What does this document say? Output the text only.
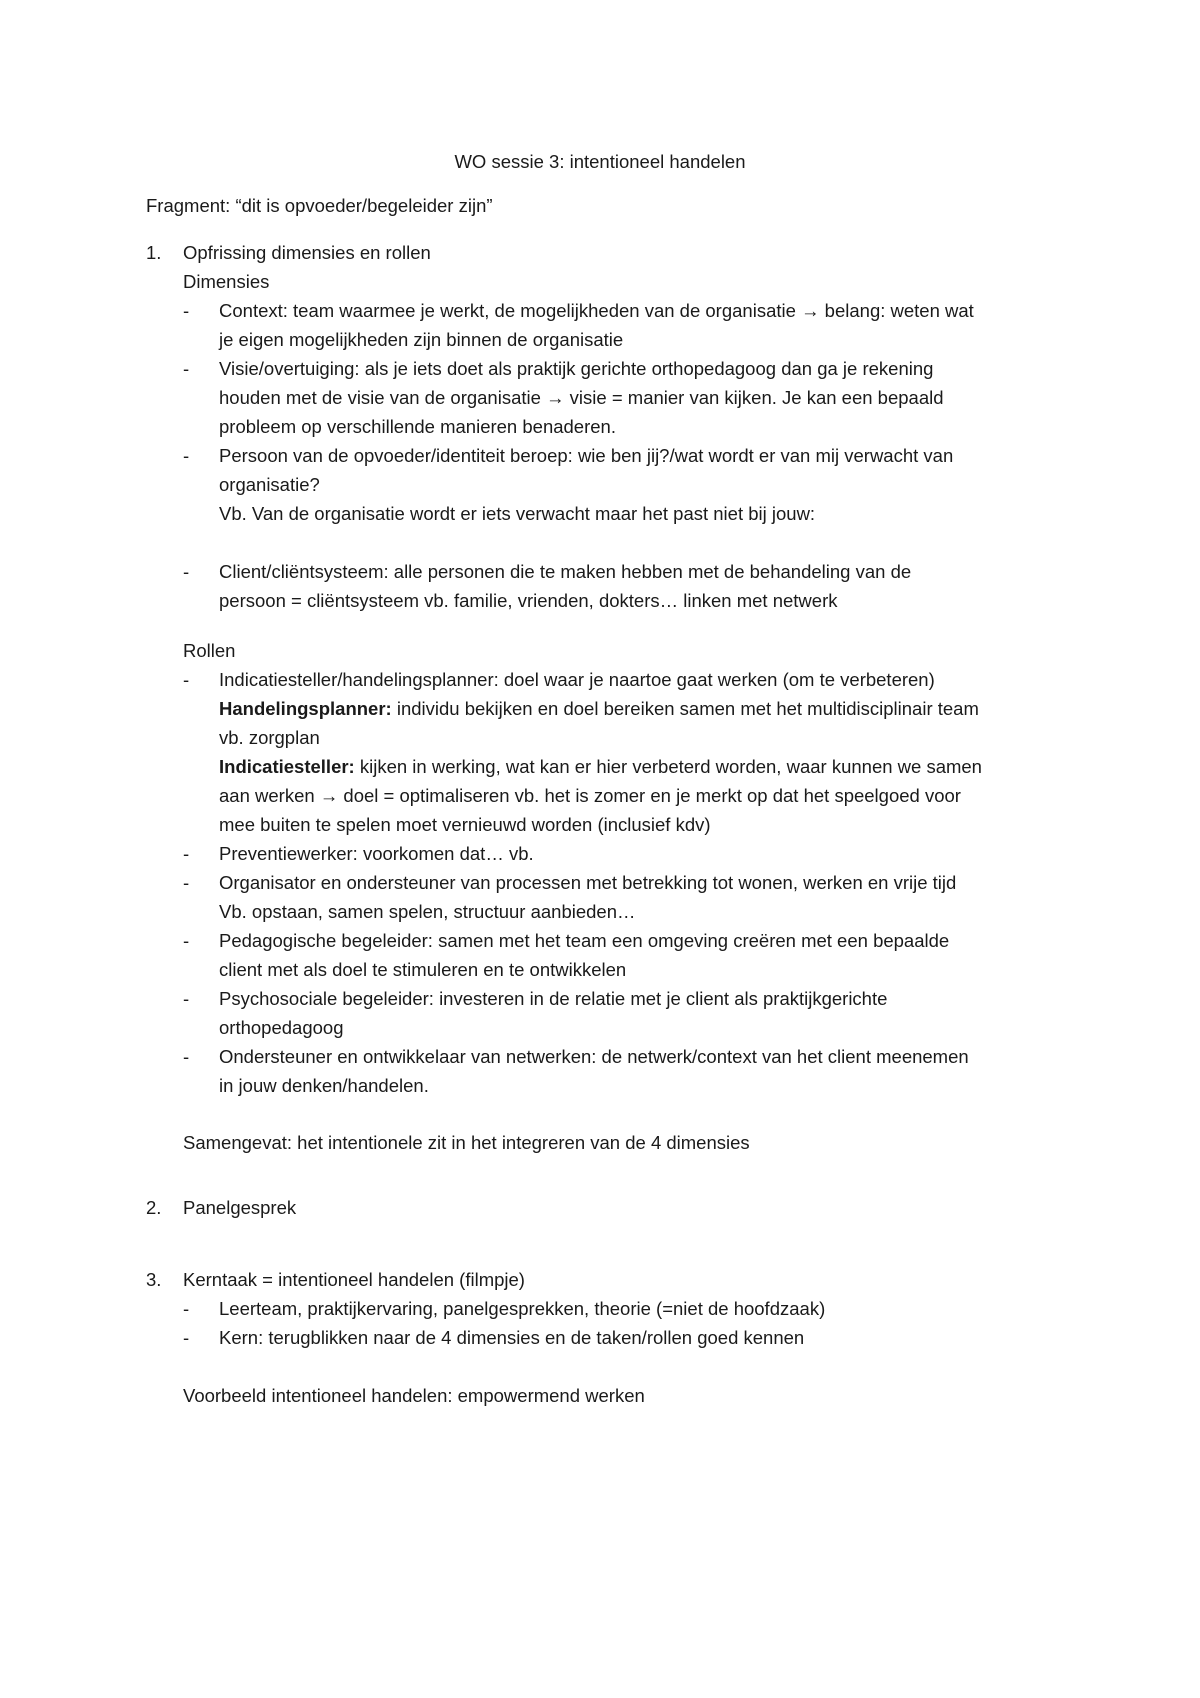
WO sessie 3: intentioneel handelen
Fragment: “dit is opvoeder/begeleider zijn”
1. Opfrissing dimensies en rollen
Dimensies
- Context: team waarmee je werkt, de mogelijkheden van de organisatie → belang: weten wat
je eigen mogelijkheden zijn binnen de organisatie
- Visie/overtuiging: als je iets doet als praktijk gerichte orthopedagoog dan ga je rekening
houden met de visie van de organisatie → visie = manier van kijken. Je kan een bepaald
probleem op verschillende manieren benaderen.
- Persoon van de opvoeder/identiteit beroep: wie ben jij?/wat wordt er van mij verwacht van
organisatie?
Vb. Van de organisatie wordt er iets verwacht maar het past niet bij jouw:
- Client/cliëntsysteem: alle personen die te maken hebben met de behandeling van de
persoon = cliëntsysteem vb. familie, vrienden, dokters… linken met netwerk
Rollen
- Indicatiesteller/handelingsplanner: doel waar je naartoe gaat werken (om te verbeteren)
Handelingsplanner: individu bekijken en doel bereiken samen met het multidisciplinair team
vb. zorgplan
Indicatiesteller: kijken in werking, wat kan er hier verbeterd worden, waar kunnen we samen
aan werken → doel = optimaliseren vb. het is zomer en je merkt op dat het speelgoed voor
mee buiten te spelen moet vernieuwd worden (inclusief kdv)
- Preventiewerker: voorkomen dat… vb.
- Organisator en ondersteuner van processen met betrekking tot wonen, werken en vrije tijd
Vb. opstaan, samen spelen, structuur aanbieden…
- Pedagogische begeleider: samen met het team een omgeving creëren met een bepaalde
client met als doel te stimuleren en te ontwikkelen
- Psychosociale begeleider: investeren in de relatie met je client als praktijkgerichte
orthopedagoog
- Ondersteuner en ontwikkelaar van netwerken: de netwerk/context van het client meenemen
in jouw denken/handelen.
Samengevat: het intentionele zit in het integreren van de 4 dimensies
2. Panelgesprek
3. Kerntaak = intentioneel handelen (filmpje)
- Leerteam, praktijkervaring, panelgesprekken, theorie (=niet de hoofdzaak)
- Kern: terugblikken naar de 4 dimensies en de taken/rollen goed kennen
Voorbeeld intentioneel handelen: empowermend werken
